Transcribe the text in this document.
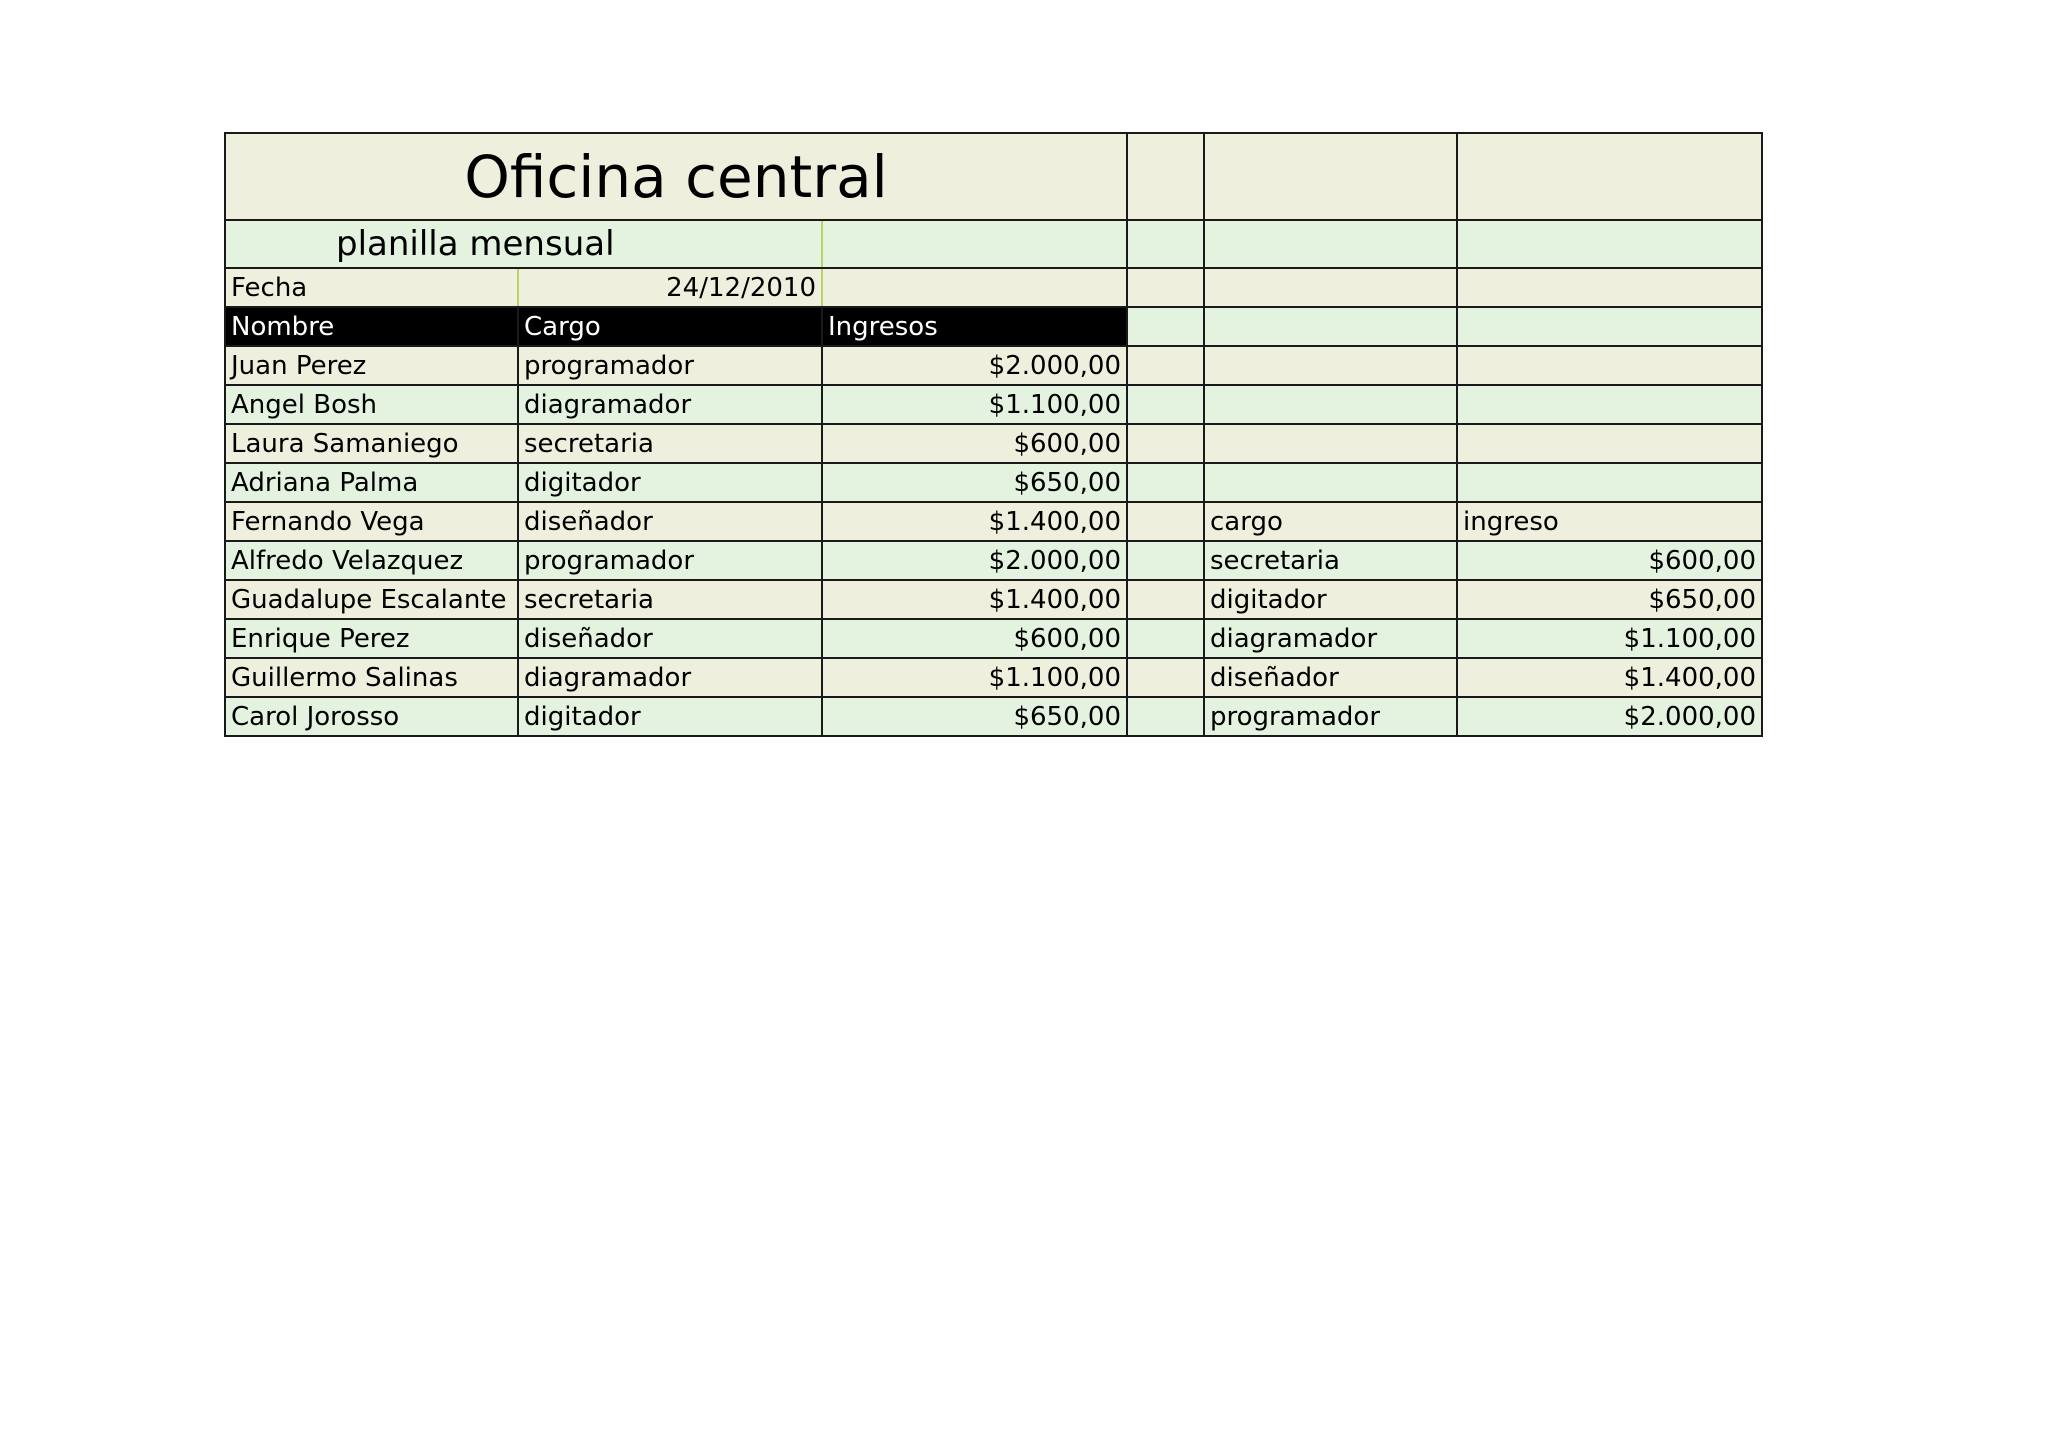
Oficina central					
planilla mensual					
Fecha	24/12/2010				
Nombre	Cargo	Ingresos			
Juan Perez	programador	$2.000,00			
Angel Bosh	diagramador	$1.100,00			
Laura Samaniego	secretaria	$600,00			
Adriana Palma	digitador	$650,00			
Fernando Vega	diseñador	$1.400,00		cargo	ingreso
Alfredo Velazquez	programador	$2.000,00		secretaria	$600,00
Guadalupe Escalante	secretaria	$1.400,00		digitador	$650,00
Enrique Perez	diseñador	$600,00		diagramador	$1.100,00
Guillermo Salinas	diagramador	$1.100,00		diseñador	$1.400,00
Carol Jorosso	digitador	$650,00		programador	$2.000,00
